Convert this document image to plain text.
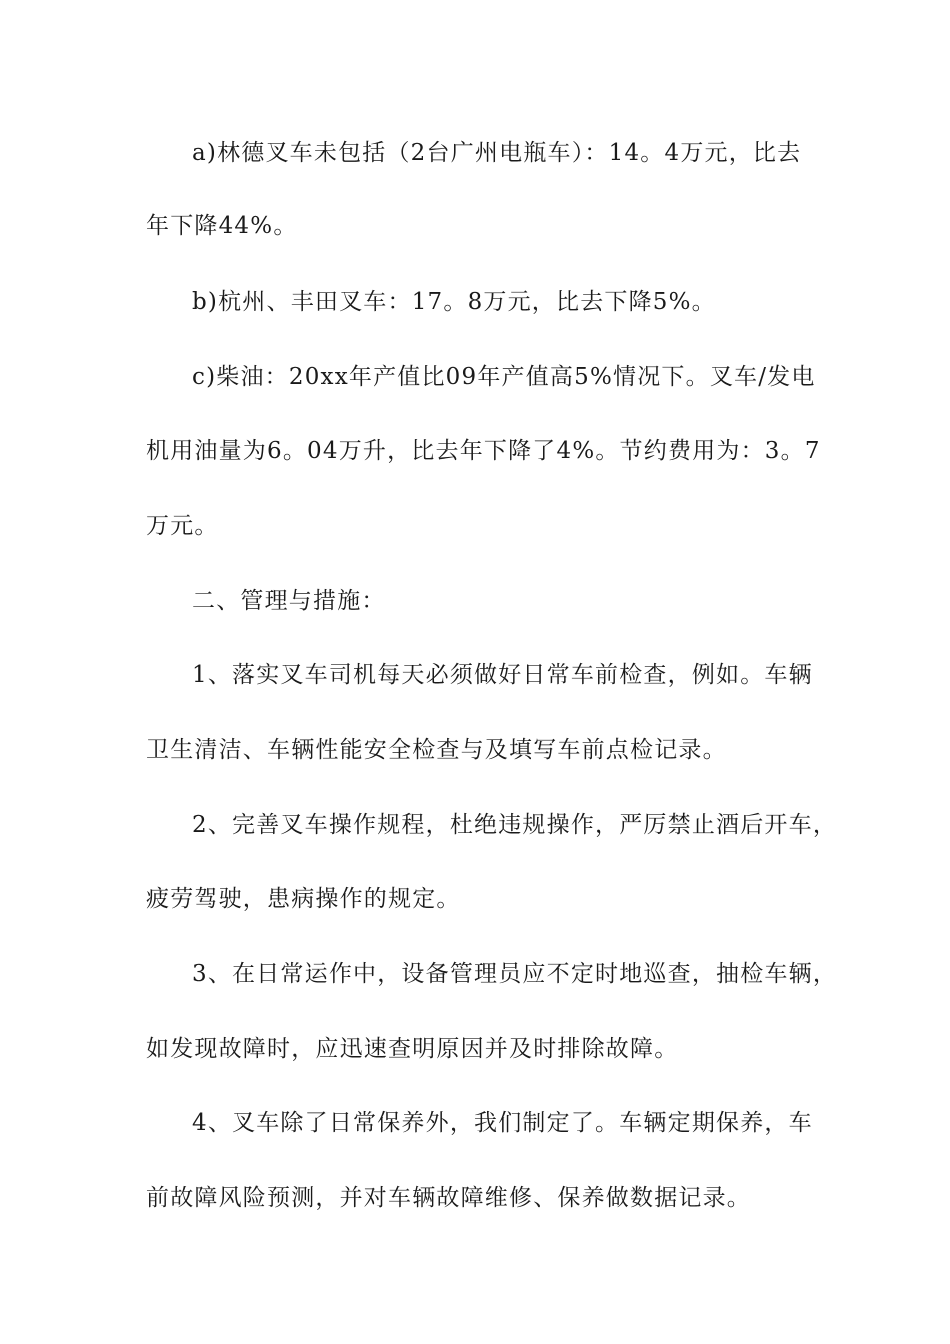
a)林德叉车未包括（2台广州电瓶车）：14。4万元，比去
年下降44%。
b)杭州、丰田叉车：17。8万元，比去下降5%。
c)柴油：20xx年产值比09年产值高5%情况下。叉车/发电
机用油量为6。04万升，比去年下降了4%。节约费用为：3。7
万元。
二、管理与措施：
1、落实叉车司机每天必须做好日常车前检查，例如。车辆
卫生清洁、车辆性能安全检查与及填写车前点检记录。
2、完善叉车操作规程，杜绝违规操作，严厉禁止酒后开车，
疲劳驾驶，患病操作的规定。
3、在日常运作中，设备管理员应不定时地巡查，抽检车辆，
如发现故障时，应迅速查明原因并及时排除故障。
4、叉车除了日常保养外，我们制定了。车辆定期保养，车
前故障风险预测，并对车辆故障维修、保养做数据记录。
